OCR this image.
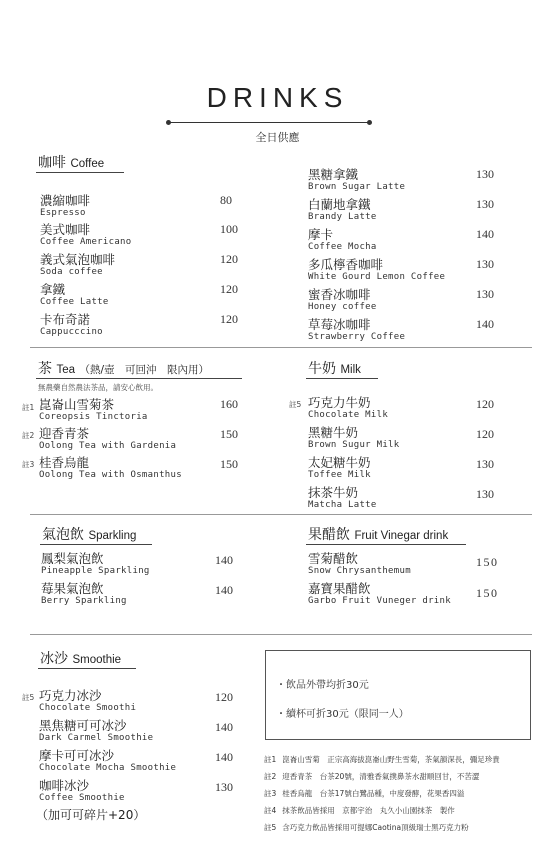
DRINKS
全日供應
咖啡 Coffee
濃縮咖啡
Espresso
80
美式咖啡
Coffee Americano
100
義式氣泡咖啡
Soda coffee
120
拿鐵
Coffee Latte
120
卡布奇諾
Cappucccino
120
黑糖拿鐵
Brown Sugar Latte
130
白蘭地拿鐵
Brandy Latte
130
摩卡
Coffee Mocha
140
多瓜檸香咖啡
White Gourd Lemon Coffee
130
蜜香冰咖啡
Honey coffee
130
草莓冰咖啡
Strawberry Coffee
140
茶 Tea （熱/壺　可回沖　限內用）
無農藥自然農法茶品，請安心飲用。
註1 崑崙山雪菊茶
Coreopsis Tinctoria
160
註2 迎香青茶
Oolong Tea with Gardenia
150
註3 桂香烏龍
Oolong Tea with Osmanthus
150
牛奶 Milk
註5 巧克力牛奶
Chocolate Milk
120
黑糖牛奶
Brown Sugur Milk
120
太妃糖牛奶
Toffee Milk
130
抹茶牛奶
Matcha Latte
130
氣泡飲 Sparkling
鳳梨氣泡飲
Pineapple Sparkling
140
莓果氣泡飲
Berry Sparkling
140
果醋飲 Fruit Vinegar drink
雪菊醋飲
Snow Chrysanthemum
150
嘉寶果醋飲
Garbo Fruit Vuneger drink
150
冰沙 Smoothie
註5 巧克力冰沙
Chocolate Smoothi
120
黑焦糖可可冰沙
Dark Carmel Smoothie
140
摩卡可可冰沙
Chocolate Mocha Smoothie
140
咖啡冰沙
Coffee Smoothie
130
（加可可碎片+20）
・飲品外帶均折30元
・續杯可折30元（限同一人）
註1 崑崙山雪菊　正宗高海拔崑崙山野生雪菊，茶氣韻深長，彌足珍貴
註2 迎香青茶　台茶20號，清雅香氣撲鼻茶水甜順回甘，不苦澀
註3 桂香烏龍　台茶17號白鷺品種，中度發酵，花果香四溢
註4 抹茶飲品皆採用　京都宇治　丸久小山園抹茶　製作
註5 含巧克力飲品皆採用可提娜Caotina頂級瑞士黑巧克力粉
